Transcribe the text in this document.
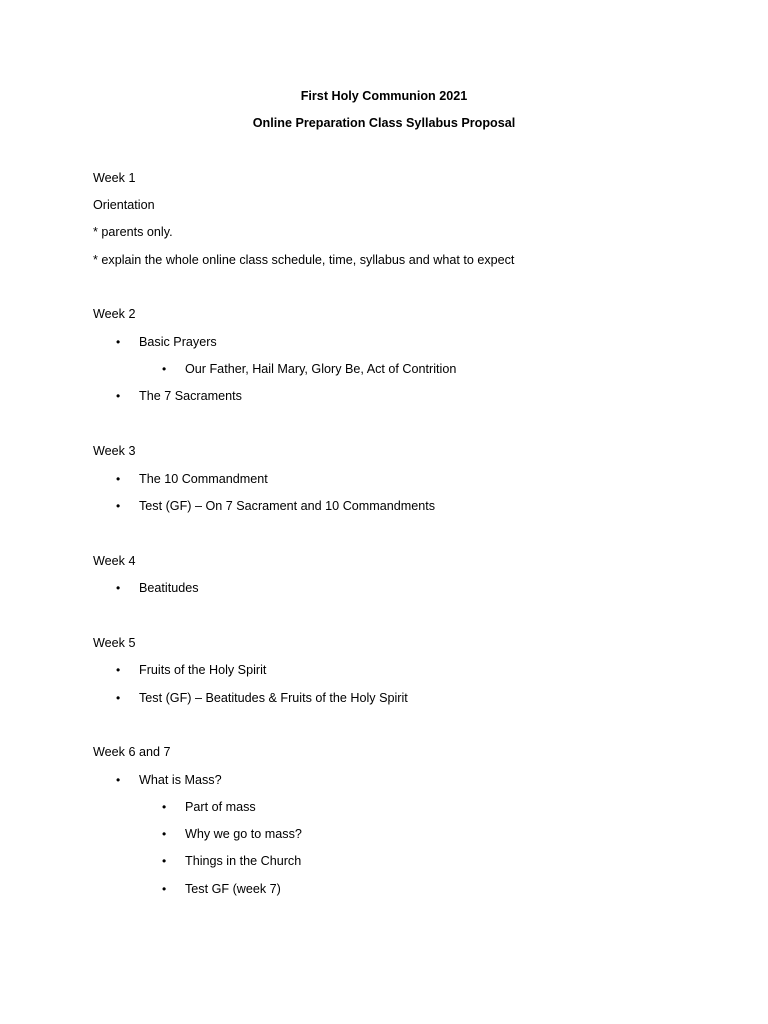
First Holy Communion 2021
Online Preparation Class Syllabus Proposal
Week 1
Orientation
* parents only.
* explain the whole online class schedule, time, syllabus and what to expect
Week 2
• Basic Prayers
• Our Father, Hail Mary, Glory Be, Act of Contrition
• The 7 Sacraments
Week 3
• The 10 Commandment
• Test (GF) – On 7 Sacrament and 10 Commandments
Week 4
• Beatitudes
Week 5
• Fruits of the Holy Spirit
• Test (GF) – Beatitudes & Fruits of the Holy Spirit
Week 6 and 7
• What is Mass?
• Part of mass
• Why we go to mass?
• Things in the Church
• Test GF (week 7)
